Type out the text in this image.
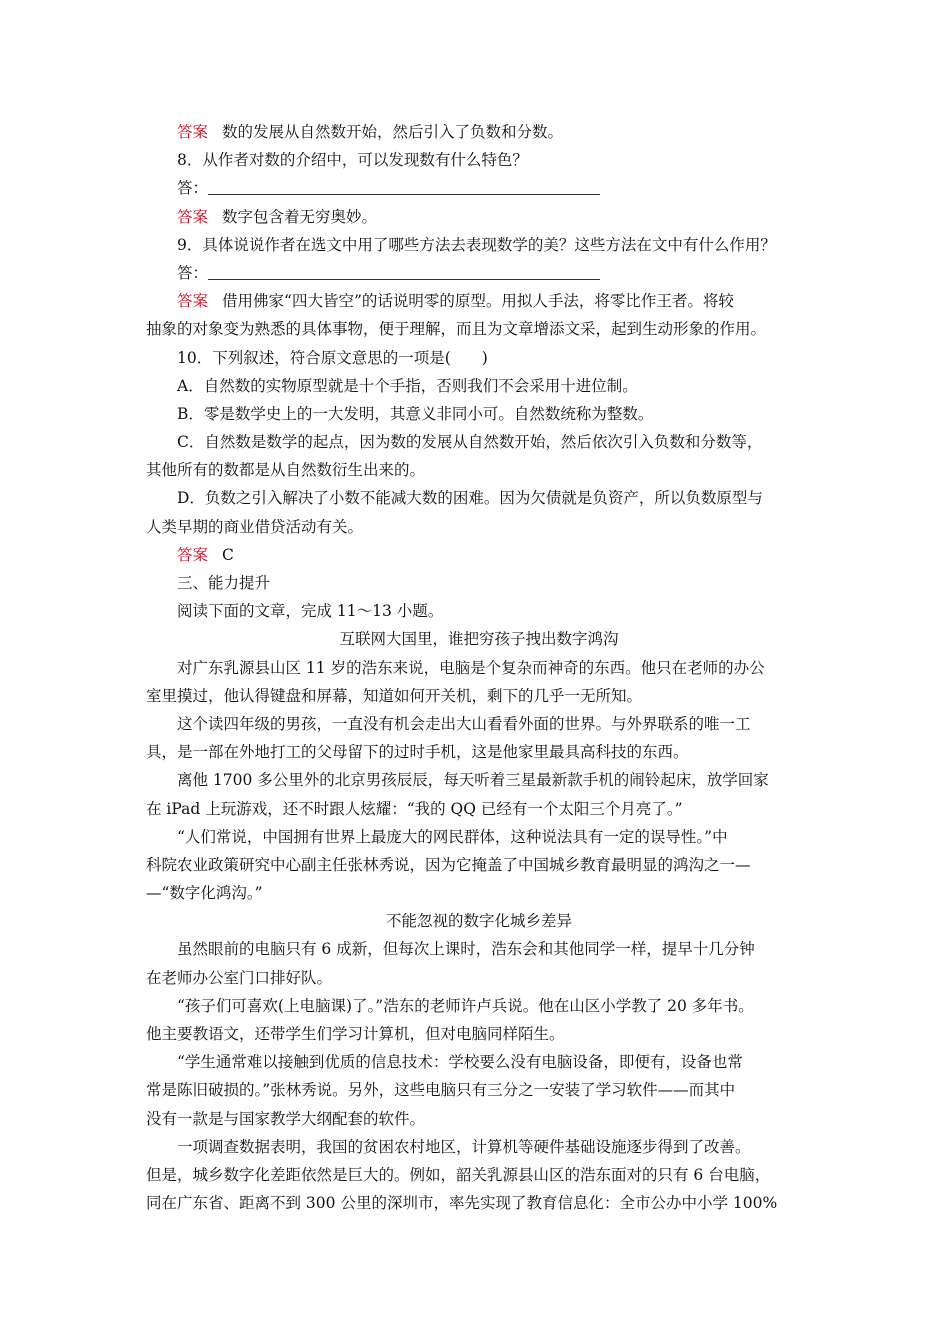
答案 数的发展从自然数开始，然后引入了负数和分数。
8．从作者对数的介绍中，可以发现数有什么特色？
答：
答案 数字包含着无穷奥妙。
9．具体说说作者在选文中用了哪些方法去表现数学的美？这些方法在文中有什么作用？
答：
答案 借用佛家“四大皆空”的话说明零的原型。用拟人手法，将零比作王者。将较
抽象的对象变为熟悉的具体事物，便于理解，而且为文章增添文采，起到生动形象的作用。
10．下列叙述，符合原文意思的一项是(　　)
A．自然数的实物原型就是十个手指，否则我们不会采用十进位制。
B．零是数学史上的一大发明，其意义非同小可。自然数统称为整数。
C．自然数是数学的起点，因为数的发展从自然数开始，然后依次引入负数和分数等，
其他所有的数都是从自然数衍生出来的。
D．负数之引入解决了小数不能减大数的困难。因为欠债就是负资产，所以负数原型与
人类早期的商业借贷活动有关。
答案 C
三、能力提升
阅读下面的文章，完成 11～13 小题。
互联网大国里，谁把穷孩子拽出数字鸿沟
对广东乳源县山区 11 岁的浩东来说，电脑是个复杂而神奇的东西。他只在老师的办公
室里摸过，他认得键盘和屏幕，知道如何开关机，剩下的几乎一无所知。
这个读四年级的男孩，一直没有机会走出大山看看外面的世界。与外界联系的唯一工
具，是一部在外地打工的父母留下的过时手机，这是他家里最具高科技的东西。
离他 1700 多公里外的北京男孩辰辰，每天听着三星最新款手机的闹铃起床，放学回家
在 iPad 上玩游戏，还不时跟人炫耀：“我的 QQ 已经有一个太阳三个月亮了。”
“人们常说，中国拥有世界上最庞大的网民群体，这种说法具有一定的误导性。”中
科院农业政策研究中心副主任张林秀说，因为它掩盖了中国城乡教育最明显的鸿沟之一—
—“数字化鸿沟。”
不能忽视的数字化城乡差异
虽然眼前的电脑只有 6 成新，但每次上课时，浩东会和其他同学一样，提早十几分钟
在老师办公室门口排好队。
“孩子们可喜欢(上电脑课)了。”浩东的老师许卢兵说。他在山区小学教了 20 多年书。
他主要教语文，还带学生们学习计算机，但对电脑同样陌生。
“学生通常难以接触到优质的信息技术：学校要么没有电脑设备，即便有，设备也常
常是陈旧破损的。”张林秀说。另外，这些电脑只有三分之一安装了学习软件——而其中
没有一款是与国家教学大纲配套的软件。
一项调查数据表明，我国的贫困农村地区，计算机等硬件基础设施逐步得到了改善。
但是，城乡数字化差距依然是巨大的。例如，韶关乳源县山区的浩东面对的只有 6 台电脑，
同在广东省、距离不到 300 公里的深圳市，率先实现了教育信息化：全市公办中小学 100%
